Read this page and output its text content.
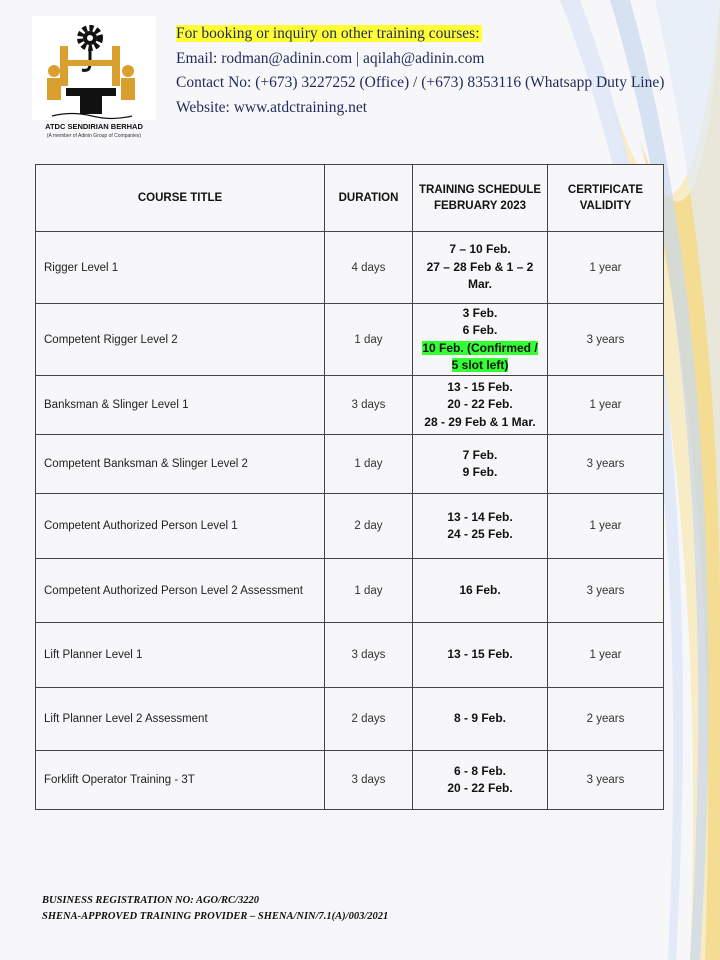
ATDC SENDIRIAN BERHAD
(A member of Adinin Group of Companies)
For booking or inquiry on other training courses:
Email: rodman@adinin.com | aqilah@adinin.com
Contact No: (+673) 3227252 (Office) / (+673) 8353116 (Whatsapp Duty Line)
Website: www.atdctraining.net
COURSE TITLE	DURATION	TRAINING SCHEDULE
FEBRUARY 2023	CERTIFICATE
VALIDITY

Rigger Level 1	4 days	7 – 10 Feb.
27 – 28 Feb & 1 – 2
Mar.	1 year
Competent Rigger Level 2	1 day	3 Feb.
6 Feb.
10 Feb. (Confirmed /
5 slot left)	3 years
Banksman & Slinger Level 1	3 days	13 - 15 Feb.
20 - 22 Feb.
28 - 29 Feb & 1 Mar.	1 year
Competent Banksman & Slinger Level 2	1 day	7 Feb.
9 Feb.	3 years
Competent Authorized Person Level 1	2 day	13 - 14 Feb.
24 - 25 Feb.	1 year
Competent Authorized Person Level 2 Assessment	1 day	16 Feb.	3 years
Lift Planner Level 1	3 days	13 - 15 Feb.	1 year
Lift Planner Level 2 Assessment	2 days	8 - 9 Feb.	2 years
Forklift Operator Training - 3T	3 days	6 - 8 Feb.
20 - 22 Feb.	3 years
BUSINESS REGISTRATION NO: AGO/RC/3220
SHENA-APPROVED TRAINING PROVIDER – SHENA/NIN/7.1(A)/003/2021
